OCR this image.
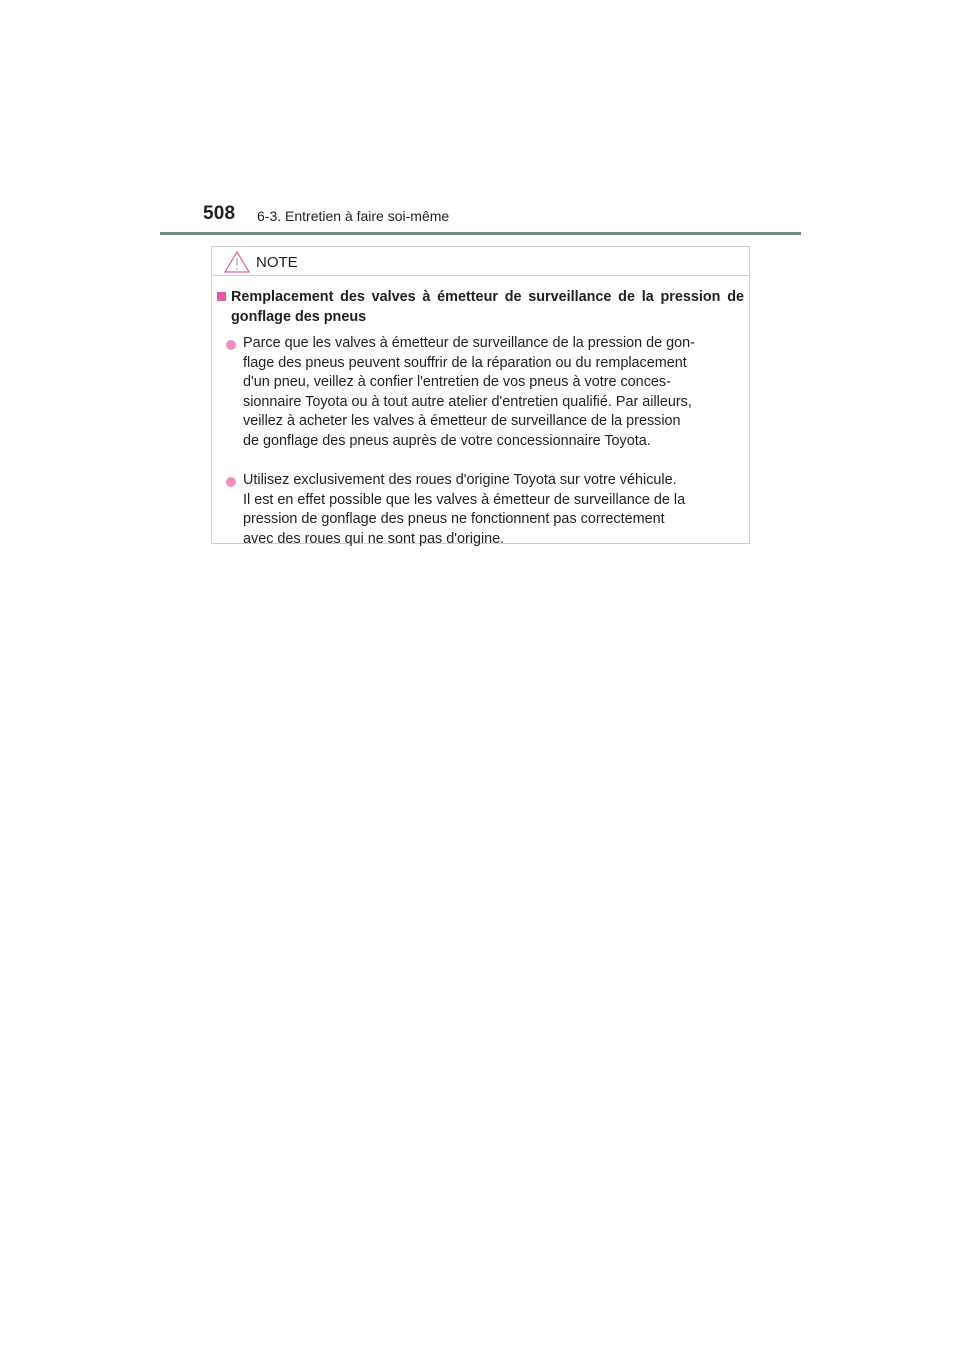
508 6-3. Entretien à faire soi-même
NOTE
Remplacement des valves à émetteur de surveillance de la pression de gonflage des pneus
Parce que les valves à émetteur de surveillance de la pression de gon-
flage des pneus peuvent souffrir de la réparation ou du remplacement
d'un pneu, veillez à confier l'entretien de vos pneus à votre conces-
sionnaire Toyota ou à tout autre atelier d'entretien qualifié. Par ailleurs,
veillez à acheter les valves à émetteur de surveillance de la pression
de gonflage des pneus auprès de votre concessionnaire Toyota.
Utilisez exclusivement des roues d'origine Toyota sur votre véhicule.
Il est en effet possible que les valves à émetteur de surveillance de la
pression de gonflage des pneus ne fonctionnent pas correctement
avec des roues qui ne sont pas d'origine.
